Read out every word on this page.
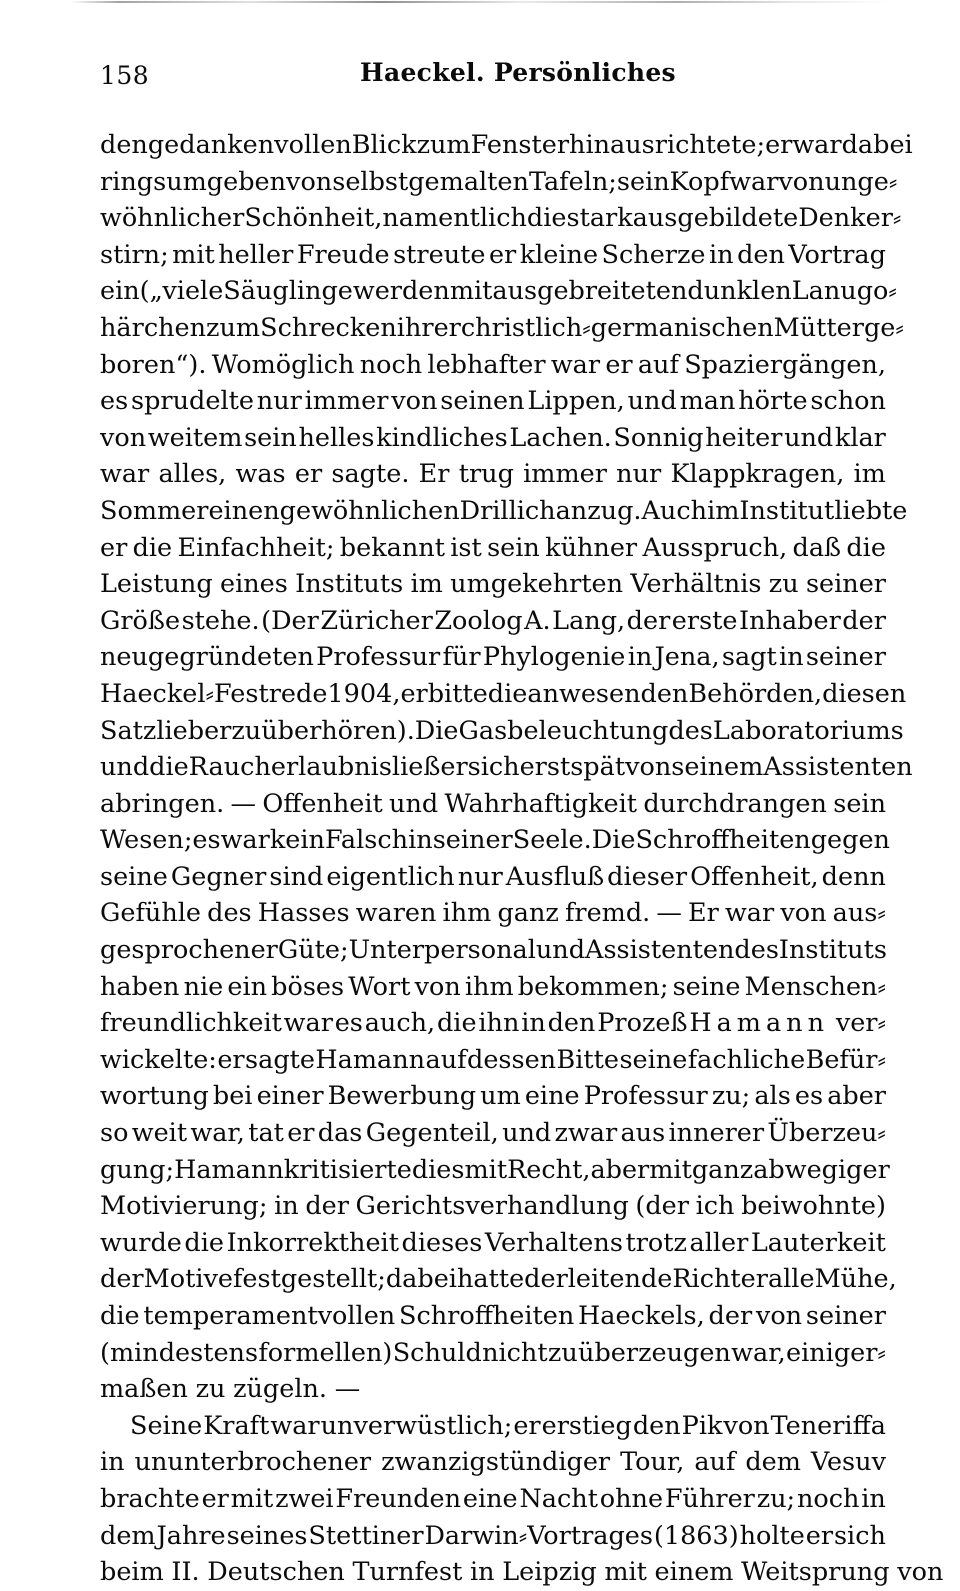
158	Haeckel. Persönliches
den gedankenvollen Blick zum Fenster hinausrichtete; er war dabei
rings umgeben von selbstgemalten Tafeln; sein Kopf war von unge⸗
wöhnlicher Schönheit, namentlich die stark ausgebildete Denker⸗
stirn; mit heller Freude streute er kleine Scherze in den Vortrag
ein („viele Säuglinge werden mit ausgebreiteten dunklen Lanugo⸗
härchen zum Schrecken ihrer christlich⸗germanischen Mütter ge⸗
boren“). Womöglich noch lebhafter war er auf Spaziergängen,
es sprudelte nur immer von seinen Lippen, und man hörte schon
von weitem sein helles kindliches Lachen. Sonnig heiter und klar
war alles, was er sagte. Er trug immer nur Klappkragen, im
Sommer einen gewöhnlichen Drillichanzug. Auch im Institut liebte
er die Einfachheit; bekannt ist sein kühner Ausspruch, daß die
Leistung eines Instituts im umgekehrten Verhältnis zu seiner
Größe stehe. (Der Züricher Zoolog A. Lang, der erste Inhaber der
neugegründeten Professur für Phylogenie in Jena, sagt in seiner
Haeckel⸗Festrede 1904, er bitte die anwesenden Behörden, diesen
Satz lieber zu überhören). Die Gasbeleuchtung des Laboratoriums
und die Raucherlaubnis ließ er sich erst spät von seinem Assistenten
abringen. — Offenheit und Wahrhaftigkeit durchdrangen sein
Wesen; es war kein Falsch in seiner Seele. Die Schroffheiten gegen
seine Gegner sind eigentlich nur Ausfluß dieser Offenheit, denn
Gefühle des Hasses waren ihm ganz fremd. — Er war von aus⸗
gesprochener Güte; Unterpersonal und Assistenten des Instituts
haben nie ein böses Wort von ihm bekommen; seine Menschen⸗
freundlichkeit war es auch, die ihn in den Prozeß Hamann ver⸗
wickelte: er sagte Hamann auf dessen Bitte seine fachliche Befür⸗
wortung bei einer Bewerbung um eine Professur zu; als es aber
so weit war, tat er das Gegenteil, und zwar aus innerer Überzeu⸗
gung; Hamann kritisierte dies mit Recht, aber mit ganz abwegiger
Motivierung; in der Gerichtsverhandlung (der ich beiwohnte)
wurde die Inkorrektheit dieses Verhaltens trotz aller Lauterkeit
der Motive festgestellt; dabei hatte der leitende Richter alle Mühe,
die temperamentvollen Schroffheiten Haeckels, der von seiner
(mindestens formellen) Schuld nicht zu überzeugen war, einiger⸗
maßen zu zügeln. —
Seine Kraft war unverwüstlich; er erstieg den Pik von Teneriffa
in ununterbrochener zwanzigstündiger Tour, auf dem Vesuv
brachte er mit zwei Freunden eine Nacht ohne Führer zu; noch in
dem Jahre seines Stettiner Darwin⸗Vortrages (1863) holte er sich
beim II. Deutschen Turnfest in Leipzig mit einem Weitsprung von
